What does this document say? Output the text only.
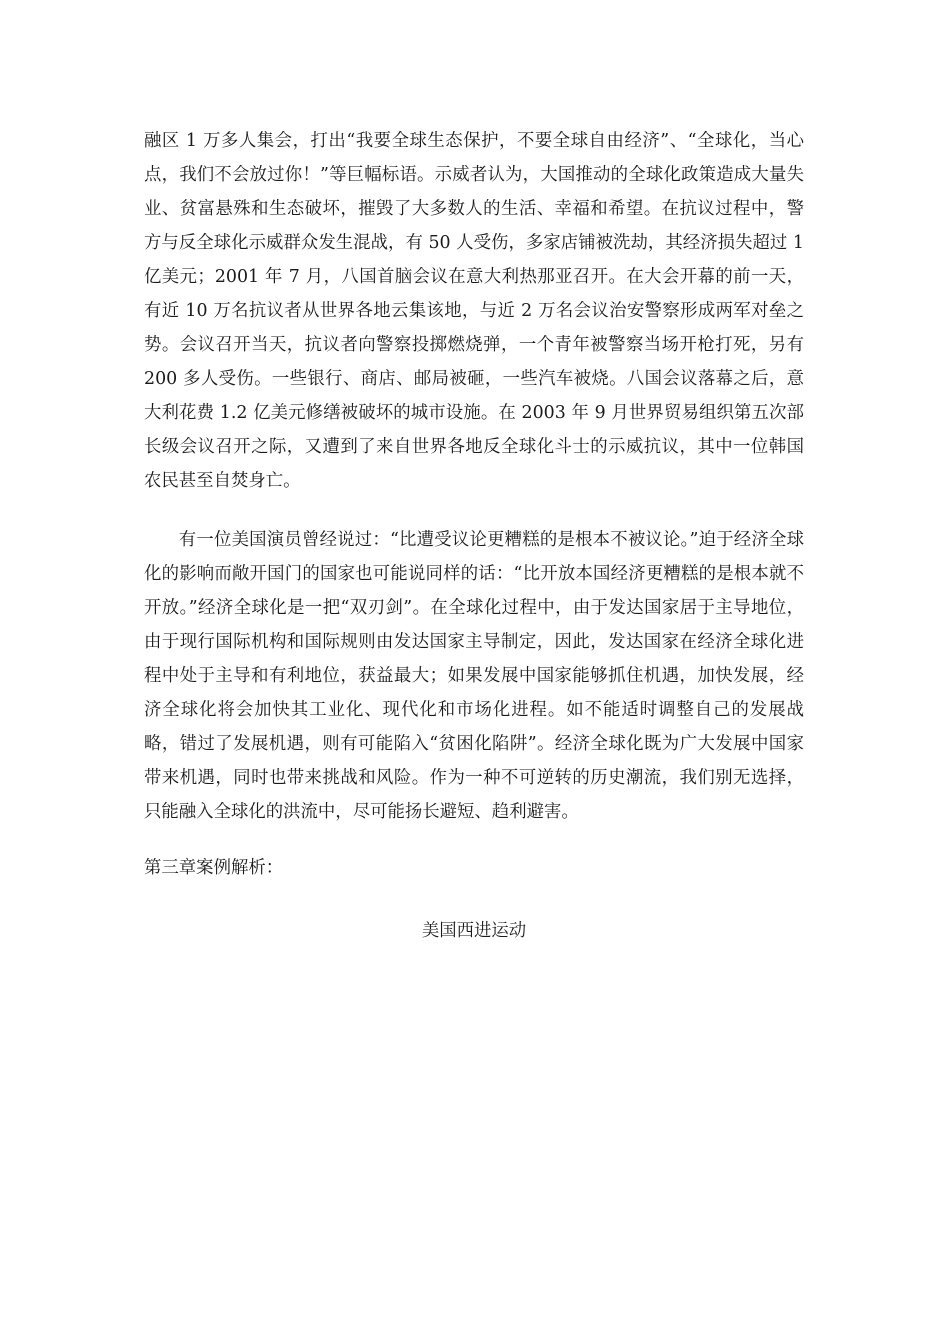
融区 1 万多人集会，打出“我要全球生态保护，不要全球自由经济”、“全球化，当心点，我们不会放过你！”等巨幅标语。示威者认为，大国推动的全球化政策造成大量失业、贫富悬殊和生态破坏，摧毁了大多数人的生活、幸福和希望。在抗议过程中，警方与反全球化示威群众发生混战，有 50 人受伤，多家店铺被洗劫，其经济损失超过 1 亿美元；2001 年 7 月，八国首脑会议在意大利热那亚召开。在大会开幕的前一天，有近 10 万名抗议者从世界各地云集该地，与近 2 万名会议治安警察形成两军对垒之势。会议召开当天，抗议者向警察投掷燃烧弹，一个青年被警察当场开枪打死，另有 200 多人受伤。一些银行、商店、邮局被砸，一些汽车被烧。八国会议落幕之后，意大利花费 1.2 亿美元修缮被破坏的城市设施。在 2003 年 9 月世界贸易组织第五次部长级会议召开之际，又遭到了来自世界各地反全球化斗士的示威抗议，其中一位韩国农民甚至自焚身亡。

有一位美国演员曾经说过：“比遭受议论更糟糕的是根本不被议论。”迫于经济全球化的影响而敞开国门的国家也可能说同样的话：“比开放本国经济更糟糕的是根本就不开放。”经济全球化是一把“双刃剑”。在全球化过程中，由于发达国家居于主导地位，由于现行国际机构和国际规则由发达国家主导制定，因此，发达国家在经济全球化进程中处于主导和有利地位，获益最大；如果发展中国家能够抓住机遇，加快发展，经济全球化将会加快其工业化、现代化和市场化进程。如不能适时调整自己的发展战略，错过了发展机遇，则有可能陷入“贫困化陷阱”。经济全球化既为广大发展中国家带来机遇，同时也带来挑战和风险。作为一种不可逆转的历史潮流，我们别无选择，只能融入全球化的洪流中，尽可能扬长避短、趋利避害。

第三章案例解析：

美国西进运动
